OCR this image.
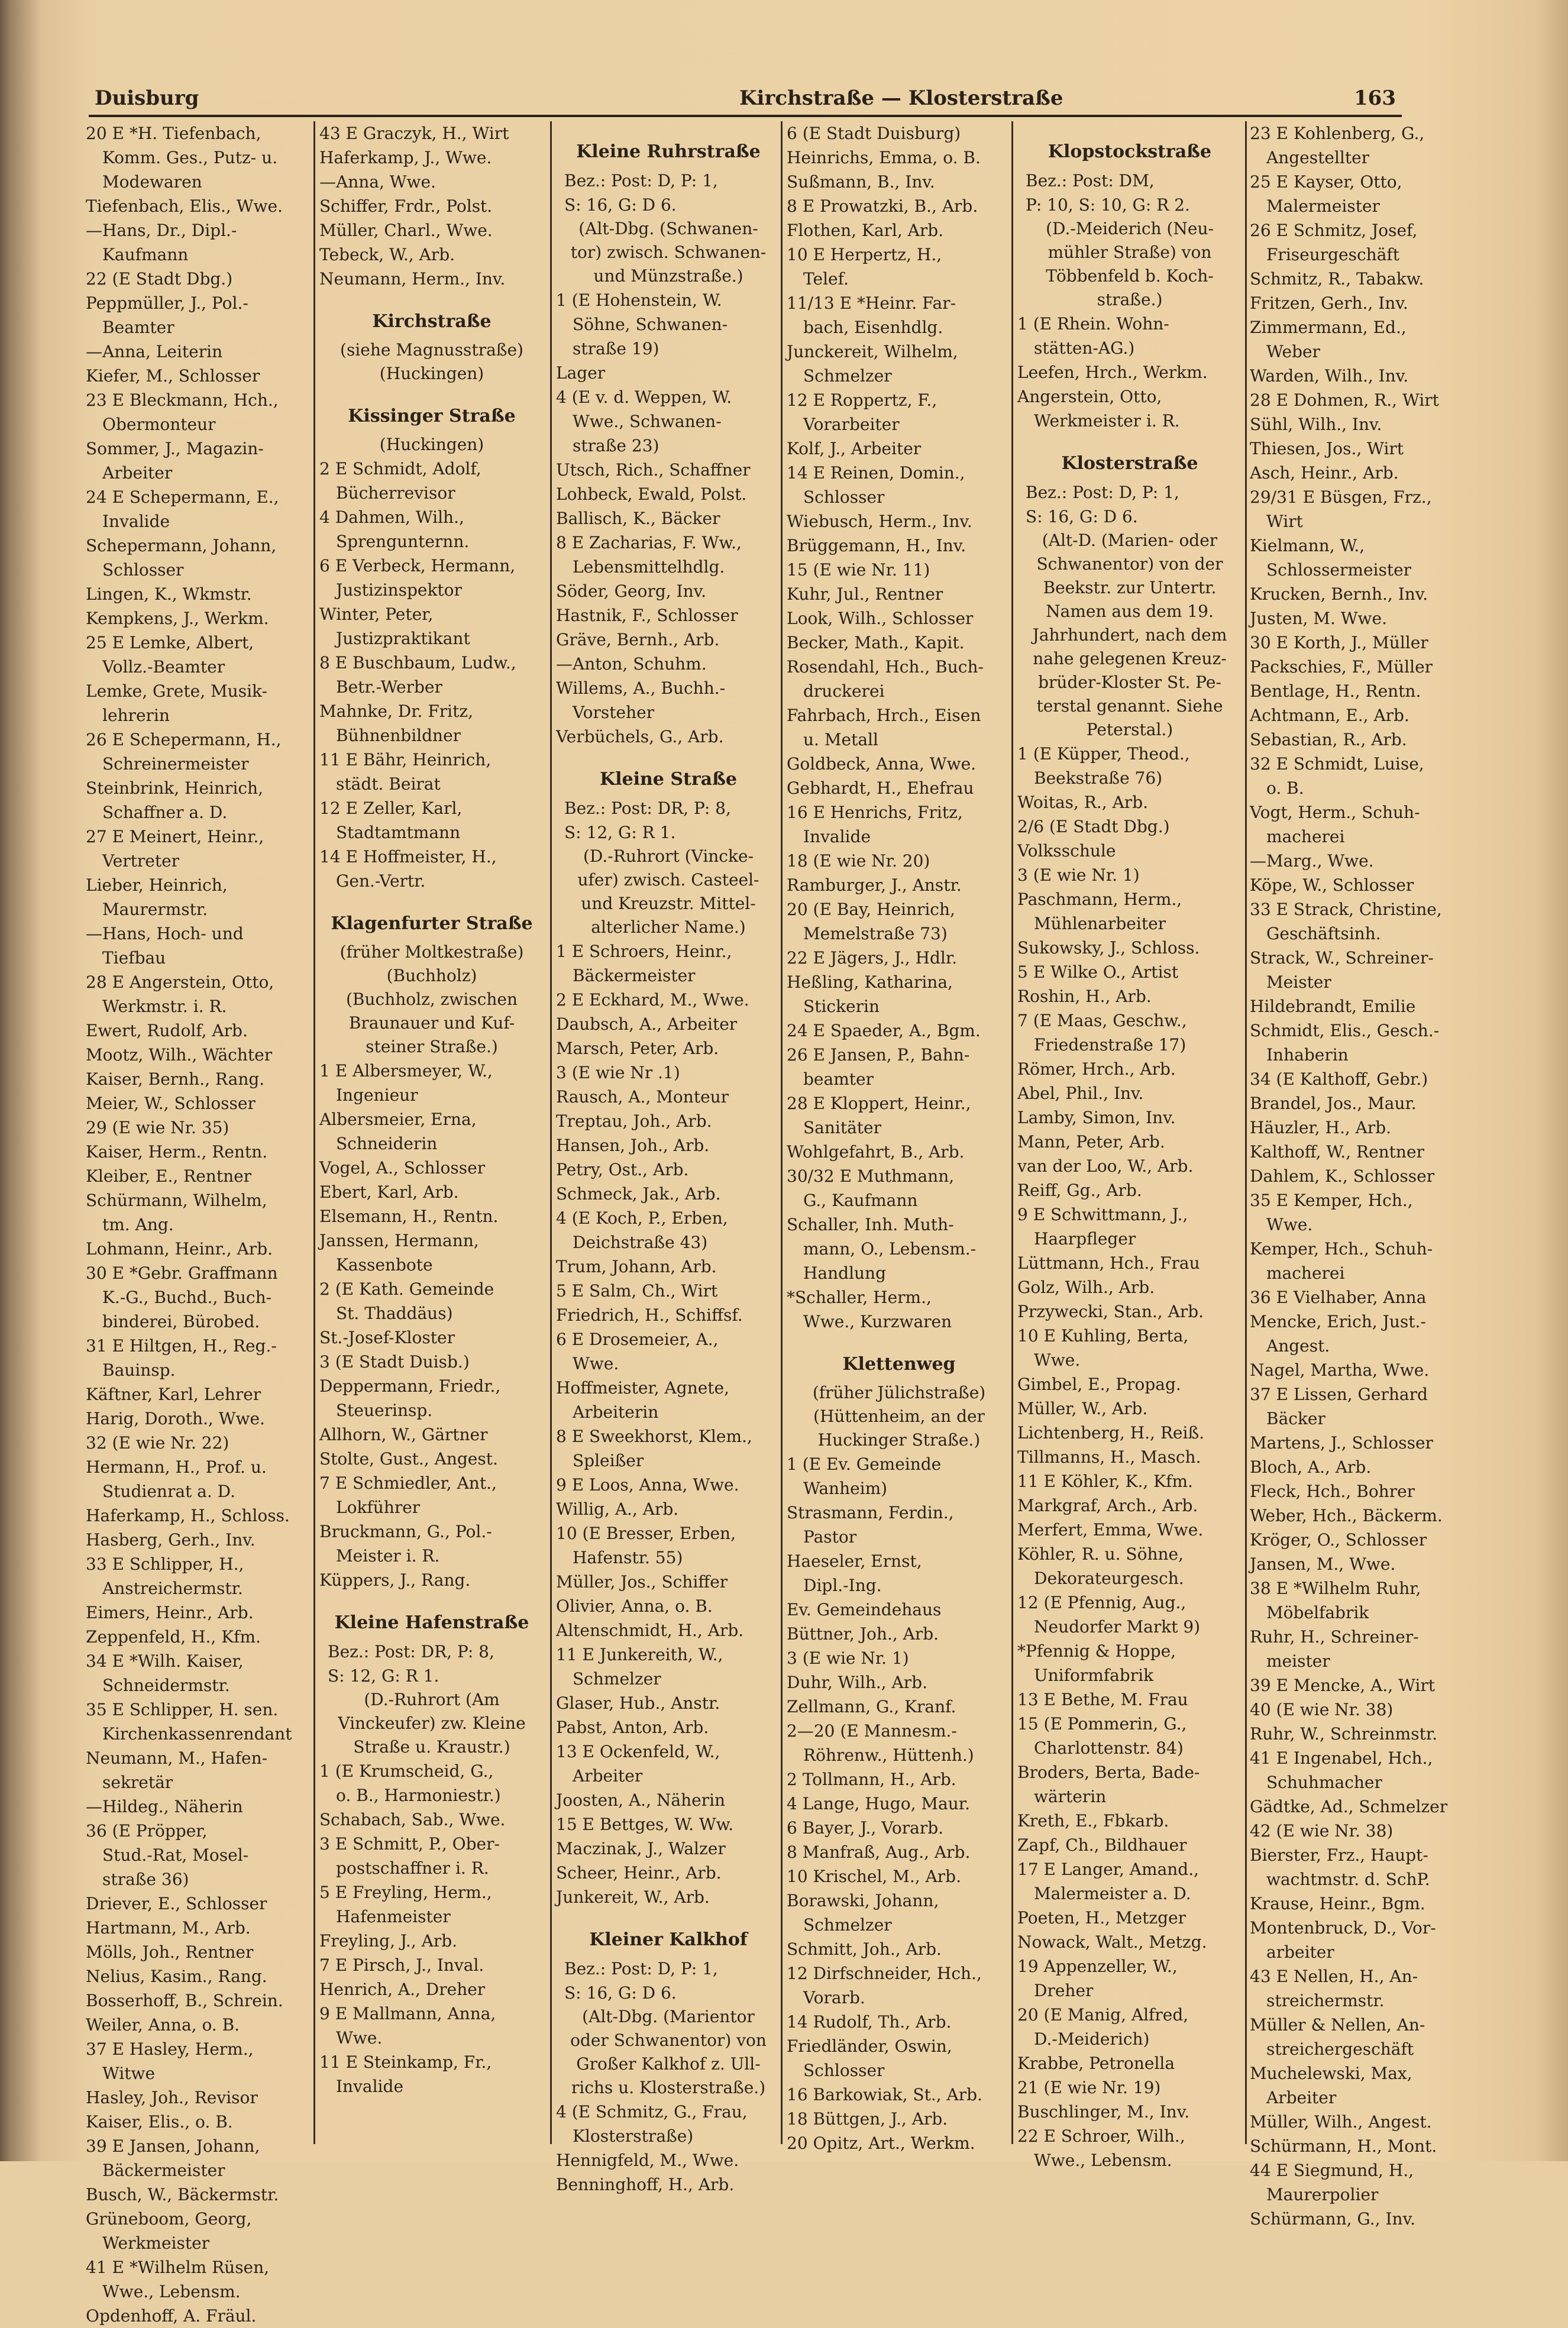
Duisburg	Kirchstraße — Klosterstraße	163
20 E *H. Tiefenbach,
Komm. Ges., Putz- u.
Modewaren
Tiefenbach, Elis., Wwe.
—Hans, Dr., Dipl.-
Kaufmann
22 (E Stadt Dbg.)
Peppmüller, J., Pol.-
Beamter
—Anna, Leiterin
Kiefer, M., Schlosser
23 E Bleckmann, Hch.,
Obermonteur
Sommer, J., Magazin-
Arbeiter
24 E Schepermann, E.,
Invalide
Schepermann, Johann,
Schlosser
Lingen, K., Wkmstr.
Kempkens, J., Werkm.
25 E Lemke, Albert,
Vollz.-Beamter
Lemke, Grete, Musik-
lehrerin
26 E Schepermann, H.,
Schreinermeister
Steinbrink, Heinrich,
Schaffner a. D.
27 E Meinert, Heinr.,
Vertreter
Lieber, Heinrich,
Maurermstr.
—Hans, Hoch- und
Tiefbau
28 E Angerstein, Otto,
Werkmstr. i. R.
Ewert, Rudolf, Arb.
Mootz, Wilh., Wächter
Kaiser, Bernh., Rang.
Meier, W., Schlosser
29 (E wie Nr. 35)
Kaiser, Herm., Rentn.
Kleiber, E., Rentner
Schürmann, Wilhelm,
tm. Ang.
Lohmann, Heinr., Arb.
30 E *Gebr. Graffmann
K.-G., Buchd., Buch-
binderei, Bürobed.
31 E Hiltgen, H., Reg.-
Bauinsp.
Käftner, Karl, Lehrer
Harig, Doroth., Wwe.
32 (E wie Nr. 22)
Hermann, H., Prof. u.
Studienrat a. D.
Haferkamp, H., Schloss.
Hasberg, Gerh., Inv.
33 E Schlipper, H.,
Anstreichermstr.
Eimers, Heinr., Arb.
Zeppenfeld, H., Kfm.
34 E *Wilh. Kaiser,
Schneidermstr.
35 E Schlipper, H. sen.
Kirchenkassenrendant
Neumann, M., Hafen-
sekretär
—Hildeg., Näherin
36 (E Pröpper,
Stud.-Rat, Mosel-
straße 36)
Driever, E., Schlosser
Hartmann, M., Arb.
Mölls, Joh., Rentner
Nelius, Kasim., Rang.
Bosserhoff, B., Schrein.
Weiler, Anna, o. B.
37 E Hasley, Herm.,
Witwe
Hasley, Joh., Revisor
Kaiser, Elis., o. B.
39 E Jansen, Johann,
Bäckermeister
Busch, W., Bäckermstr.
Grüneboom, Georg,
Werkmeister
41 E *Wilhelm Rüsen,
Wwe., Lebensm.
Opdenhoff, A. Fräul.
43 E Graczyk, H., Wirt
Haferkamp, J., Wwe.
—Anna, Wwe.
Schiffer, Frdr., Polst.
Müller, Charl., Wwe.
Tebeck, W., Arb.
Neumann, Herm., Inv.
Kirchstraße
(siehe Magnusstraße)
(Huckingen)
Kissinger Straße
(Huckingen)
2 E Schmidt, Adolf,
Bücherrevisor
4 Dahmen, Wilh.,
Sprengunternn.
6 E Verbeck, Hermann,
Justizinspektor
Winter, Peter,
Justizpraktikant
8 E Buschbaum, Ludw.,
Betr.-Werber
Mahnke, Dr. Fritz,
Bühnenbildner
11 E Bähr, Heinrich,
städt. Beirat
12 E Zeller, Karl,
Stadtamtmann
14 E Hoffmeister, H.,
Gen.-Vertr.
Klagenfurter Straße
(früher Moltkestraße)
(Buchholz)
(Buchholz, zwischen
Braunauer und Kuf-
steiner Straße.)
1 E Albersmeyer, W.,
Ingenieur
Albersmeier, Erna,
Schneiderin
Vogel, A., Schlosser
Ebert, Karl, Arb.
Elsemann, H., Rentn.
Janssen, Hermann,
Kassenbote
2 (E Kath. Gemeinde
St. Thaddäus)
St.-Josef-Kloster
3 (E Stadt Duisb.)
Deppermann, Friedr.,
Steuerinsp.
Allhorn, W., Gärtner
Stolte, Gust., Angest.
7 E Schmiedler, Ant.,
Lokführer
Bruckmann, G., Pol.-
Meister i. R.
Küppers, J., Rang.
Kleine Hafenstraße
Bez.: Post: DR, P: 8,
S: 12, G: R 1.
(D.-Ruhrort (Am
Vinckeufer) zw. Kleine
Straße u. Kraustr.)
1 (E Krumscheid, G.,
o. B., Harmoniestr.)
Schabach, Sab., Wwe.
3 E Schmitt, P., Ober-
postschaffner i. R.
5 E Freyling, Herm.,
Hafenmeister
Freyling, J., Arb.
7 E Pirsch, J., Inval.
Henrich, A., Dreher
9 E Mallmann, Anna,
Wwe.
11 E Steinkamp, Fr.,
Invalide
Kleine Ruhrstraße
Bez.: Post: D, P: 1,
S: 16, G: D 6.
(Alt-Dbg. (Schwanen-
tor) zwisch. Schwanen-
und Münzstraße.)
1 (E Hohenstein, W.
Söhne, Schwanen-
straße 19)
Lager
4 (E v. d. Weppen, W.
Wwe., Schwanen-
straße 23)
Utsch, Rich., Schaffner
Lohbeck, Ewald, Polst.
Ballisch, K., Bäcker
8 E Zacharias, F. Ww.,
Lebensmittelhdlg.
Söder, Georg, Inv.
Hastnik, F., Schlosser
Gräve, Bernh., Arb.
—Anton, Schuhm.
Willems, A., Buchh.-
Vorsteher
Verbüchels, G., Arb.
Kleine Straße
Bez.: Post: DR, P: 8,
S: 12, G: R 1.
(D.-Ruhrort (Vincke-
ufer) zwisch. Casteel-
und Kreuzstr. Mittel-
alterlicher Name.)
1 E Schroers, Heinr.,
Bäckermeister
2 E Eckhard, M., Wwe.
Daubsch, A., Arbeiter
Marsch, Peter, Arb.
3 (E wie Nr .1)
Rausch, A., Monteur
Treptau, Joh., Arb.
Hansen, Joh., Arb.
Petry, Ost., Arb.
Schmeck, Jak., Arb.
4 (E Koch, P., Erben,
Deichstraße 43)
Trum, Johann, Arb.
5 E Salm, Ch., Wirt
Friedrich, H., Schiffsf.
6 E Drosemeier, A.,
Wwe.
Hoffmeister, Agnete,
Arbeiterin
8 E Sweekhorst, Klem.,
Spleißer
9 E Loos, Anna, Wwe.
Willig, A., Arb.
10 (E Bresser, Erben,
Hafenstr. 55)
Müller, Jos., Schiffer
Olivier, Anna, o. B.
Altenschmidt, H., Arb.
11 E Junkereith, W.,
Schmelzer
Glaser, Hub., Anstr.
Pabst, Anton, Arb.
13 E Ockenfeld, W.,
Arbeiter
Joosten, A., Näherin
15 E Bettges, W. Ww.
Maczinak, J., Walzer
Scheer, Heinr., Arb.
Junkereit, W., Arb.
Kleiner Kalkhof
Bez.: Post: D, P: 1,
S: 16, G: D 6.
(Alt-Dbg. (Marientor
oder Schwanentor) von
Großer Kalkhof z. Ull-
richs u. Klosterstraße.)
4 (E Schmitz, G., Frau,
Klosterstraße)
Hennigfeld, M., Wwe.
Benninghoff, H., Arb.
6 (E Stadt Duisburg)
Heinrichs, Emma, o. B.
Sußmann, B., Inv.
8 E Prowatzki, B., Arb.
Flothen, Karl, Arb.
10 E Herpertz, H.,
Telef.
11/13 E *Heinr. Far-
bach, Eisenhdlg.
Junckereit, Wilhelm,
Schmelzer
12 E Roppertz, F.,
Vorarbeiter
Kolf, J., Arbeiter
14 E Reinen, Domin.,
Schlosser
Wiebusch, Herm., Inv.
Brüggemann, H., Inv.
15 (E wie Nr. 11)
Kuhr, Jul., Rentner
Look, Wilh., Schlosser
Becker, Math., Kapit.
Rosendahl, Hch., Buch-
druckerei
Fahrbach, Hrch., Eisen
u. Metall
Goldbeck, Anna, Wwe.
Gebhardt, H., Ehefrau
16 E Henrichs, Fritz,
Invalide
18 (E wie Nr. 20)
Ramburger, J., Anstr.
20 (E Bay, Heinrich,
Memelstraße 73)
22 E Jägers, J., Hdlr.
Heßling, Katharina,
Stickerin
24 E Spaeder, A., Bgm.
26 E Jansen, P., Bahn-
beamter
28 E Kloppert, Heinr.,
Sanitäter
Wohlgefahrt, B., Arb.
30/32 E Muthmann,
G., Kaufmann
Schaller, Inh. Muth-
mann, O., Lebensm.-
Handlung
*Schaller, Herm.,
Wwe., Kurzwaren
Klettenweg
(früher Jülichstraße)
(Hüttenheim, an der
Huckinger Straße.)
1 (E Ev. Gemeinde
Wanheim)
Strasmann, Ferdin.,
Pastor
Haeseler, Ernst,
Dipl.-Ing.
Ev. Gemeindehaus
Büttner, Joh., Arb.
3 (E wie Nr. 1)
Duhr, Wilh., Arb.
Zellmann, G., Kranf.
2—20 (E Mannesm.-
Röhrenw., Hüttenh.)
2 Tollmann, H., Arb.
4 Lange, Hugo, Maur.
6 Bayer, J., Vorarb.
8 Manfraß, Aug., Arb.
10 Krischel, M., Arb.
Borawski, Johann,
Schmelzer
Schmitt, Joh., Arb.
12 Dirfschneider, Hch.,
Vorarb.
14 Rudolf, Th., Arb.
Friedländer, Oswin,
Schlosser
16 Barkowiak, St., Arb.
18 Büttgen, J., Arb.
20 Opitz, Art., Werkm.
Klopstockstraße
Bez.: Post: DM,
P: 10, S: 10, G: R 2.
(D.-Meiderich (Neu-
mühler Straße) von
Többenfeld b. Koch-
straße.)
1 (E Rhein. Wohn-
stätten-AG.)
Leefen, Hrch., Werkm.
Angerstein, Otto,
Werkmeister i. R.
Klosterstraße
Bez.: Post: D, P: 1,
S: 16, G: D 6.
(Alt-D. (Marien- oder
Schwanentor) von der
Beekstr. zur Untertr.
Namen aus dem 19.
Jahrhundert, nach dem
nahe gelegenen Kreuz-
brüder-Kloster St. Pe-
terstal genannt. Siehe
Peterstal.)
1 (E Küpper, Theod.,
Beekstraße 76)
Woitas, R., Arb.
2/6 (E Stadt Dbg.)
Volksschule
3 (E wie Nr. 1)
Paschmann, Herm.,
Mühlenarbeiter
Sukowsky, J., Schloss.
5 E Wilke O., Artist
Roshin, H., Arb.
7 (E Maas, Geschw.,
Friedenstraße 17)
Römer, Hrch., Arb.
Abel, Phil., Inv.
Lamby, Simon, Inv.
Mann, Peter, Arb.
van der Loo, W., Arb.
Reiff, Gg., Arb.
9 E Schwittmann, J.,
Haarpfleger
Lüttmann, Hch., Frau
Golz, Wilh., Arb.
Przywecki, Stan., Arb.
10 E Kuhling, Berta,
Wwe.
Gimbel, E., Propag.
Müller, W., Arb.
Lichtenberg, H., Reiß.
Tillmanns, H., Masch.
11 E Köhler, K., Kfm.
Markgraf, Arch., Arb.
Merfert, Emma, Wwe.
Köhler, R. u. Söhne,
Dekorateurgesch.
12 (E Pfennig, Aug.,
Neudorfer Markt 9)
*Pfennig & Hoppe,
Uniformfabrik
13 E Bethe, M. Frau
15 (E Pommerin, G.,
Charlottenstr. 84)
Broders, Berta, Bade-
wärterin
Kreth, E., Fbkarb.
Zapf, Ch., Bildhauer
17 E Langer, Amand.,
Malermeister a. D.
Poeten, H., Metzger
Nowack, Walt., Metzg.
19 Appenzeller, W.,
Dreher
20 (E Manig, Alfred,
D.-Meiderich)
Krabbe, Petronella
21 (E wie Nr. 19)
Buschlinger, M., Inv.
22 E Schroer, Wilh.,
Wwe., Lebensm.
23 E Kohlenberg, G.,
Angestellter
25 E Kayser, Otto,
Malermeister
26 E Schmitz, Josef,
Friseurgeschäft
Schmitz, R., Tabakw.
Fritzen, Gerh., Inv.
Zimmermann, Ed.,
Weber
Warden, Wilh., Inv.
28 E Dohmen, R., Wirt
Sühl, Wilh., Inv.
Thiesen, Jos., Wirt
Asch, Heinr., Arb.
29/31 E Büsgen, Frz.,
Wirt
Kielmann, W.,
Schlossermeister
Krucken, Bernh., Inv.
Justen, M. Wwe.
30 E Korth, J., Müller
Packschies, F., Müller
Bentlage, H., Rentn.
Achtmann, E., Arb.
Sebastian, R., Arb.
32 E Schmidt, Luise,
o. B.
Vogt, Herm., Schuh-
macherei
—Marg., Wwe.
Köpe, W., Schlosser
33 E Strack, Christine,
Geschäftsinh.
Strack, W., Schreiner-
Meister
Hildebrandt, Emilie
Schmidt, Elis., Gesch.-
Inhaberin
34 (E Kalthoff, Gebr.)
Brandel, Jos., Maur.
Häuzler, H., Arb.
Kalthoff, W., Rentner
Dahlem, K., Schlosser
35 E Kemper, Hch.,
Wwe.
Kemper, Hch., Schuh-
macherei
36 E Vielhaber, Anna
Mencke, Erich, Just.-
Angest.
Nagel, Martha, Wwe.
37 E Lissen, Gerhard
Bäcker
Martens, J., Schlosser
Bloch, A., Arb.
Fleck, Hch., Bohrer
Weber, Hch., Bäckerm.
Kröger, O., Schlosser
Jansen, M., Wwe.
38 E *Wilhelm Ruhr,
Möbelfabrik
Ruhr, H., Schreiner-
meister
39 E Mencke, A., Wirt
40 (E wie Nr. 38)
Ruhr, W., Schreinmstr.
41 E Ingenabel, Hch.,
Schuhmacher
Gädtke, Ad., Schmelzer
42 (E wie Nr. 38)
Bierster, Frz., Haupt-
wachtmstr. d. SchP.
Krause, Heinr., Bgm.
Montenbruck, D., Vor-
arbeiter
43 E Nellen, H., An-
streichermstr.
Müller & Nellen, An-
streichergeschäft
Muchelewski, Max,
Arbeiter
Müller, Wilh., Angest.
Schürmann, H., Mont.
44 E Siegmund, H.,
Maurerpolier
Schürmann, G., Inv.
